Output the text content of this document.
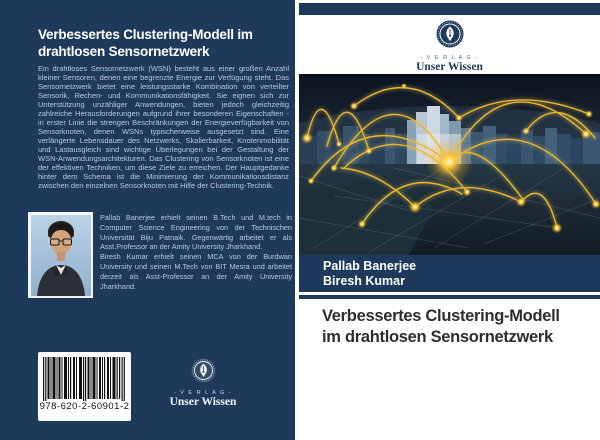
Verbessertes Clustering-Modell im
drahtlosen Sensornetzwerk
Ein drahtloses Sensornetzwerk (WSN) besteht aus einer großen Anzahl kleiner Sensoren, denen eine begrenzte Energie zur Verfügung steht. Das Sensornetzwerk bietet eine leistungsstarke Kombination von verteilter Sensorik, Rechen- und Kommunikationsfähigkeit. Sie eignen sich zur Unterstützung unzähliger Anwendungen, bieten jedoch gleichzeitig zahlreiche Herausforderungen aufgrund ihrer besonderen Eigenschaften - in erster Linie die strengen Beschränkungen der Energieverfügbarkeit von Sensorknoten, denen WSNs typischerweise ausgesetzt sind. Eine verlängerte Lebensdauer des Netzwerks, Skalierbarkeit, Knotenmobilität und Lastausgleich sind wichtige Überlegungen bei der Gestaltung der WSN-Anwendungsarchitekturen. Das Clustering von Sensorknoten ist eine der effektiven Techniken, um diese Ziele zu erreichen. Der Hauptgedanke hinter dem Schema ist die Minimierung der Kommunikationsdistanz zwischen den einzelnen Sensorknoten mit Hilfe der Clustering-Technik.

Pallab Banerjee erhielt seinen B.Tech und M.tech in Computer Science Engineering von der Technischen Universität Biju Patnaik. Gegenwärtig arbeitet er als Asst.Professor an der Amity University Jharkhand.

Biresh Kumar erhielt seinen MCA von der Burdwan University und seinen M.Tech von BIT Mesra und arbeitet derzeit als Asst-Professor an der Amity University Jharkhand.

978-620-2-60901-2
- V E R L A G -
Unser Wissen
- V E R L A G -
Unser Wissen
Pallab Banerjee
Biresh Kumar
Verbessertes Clustering-Modell
im drahtlosen Sensornetzwerk
